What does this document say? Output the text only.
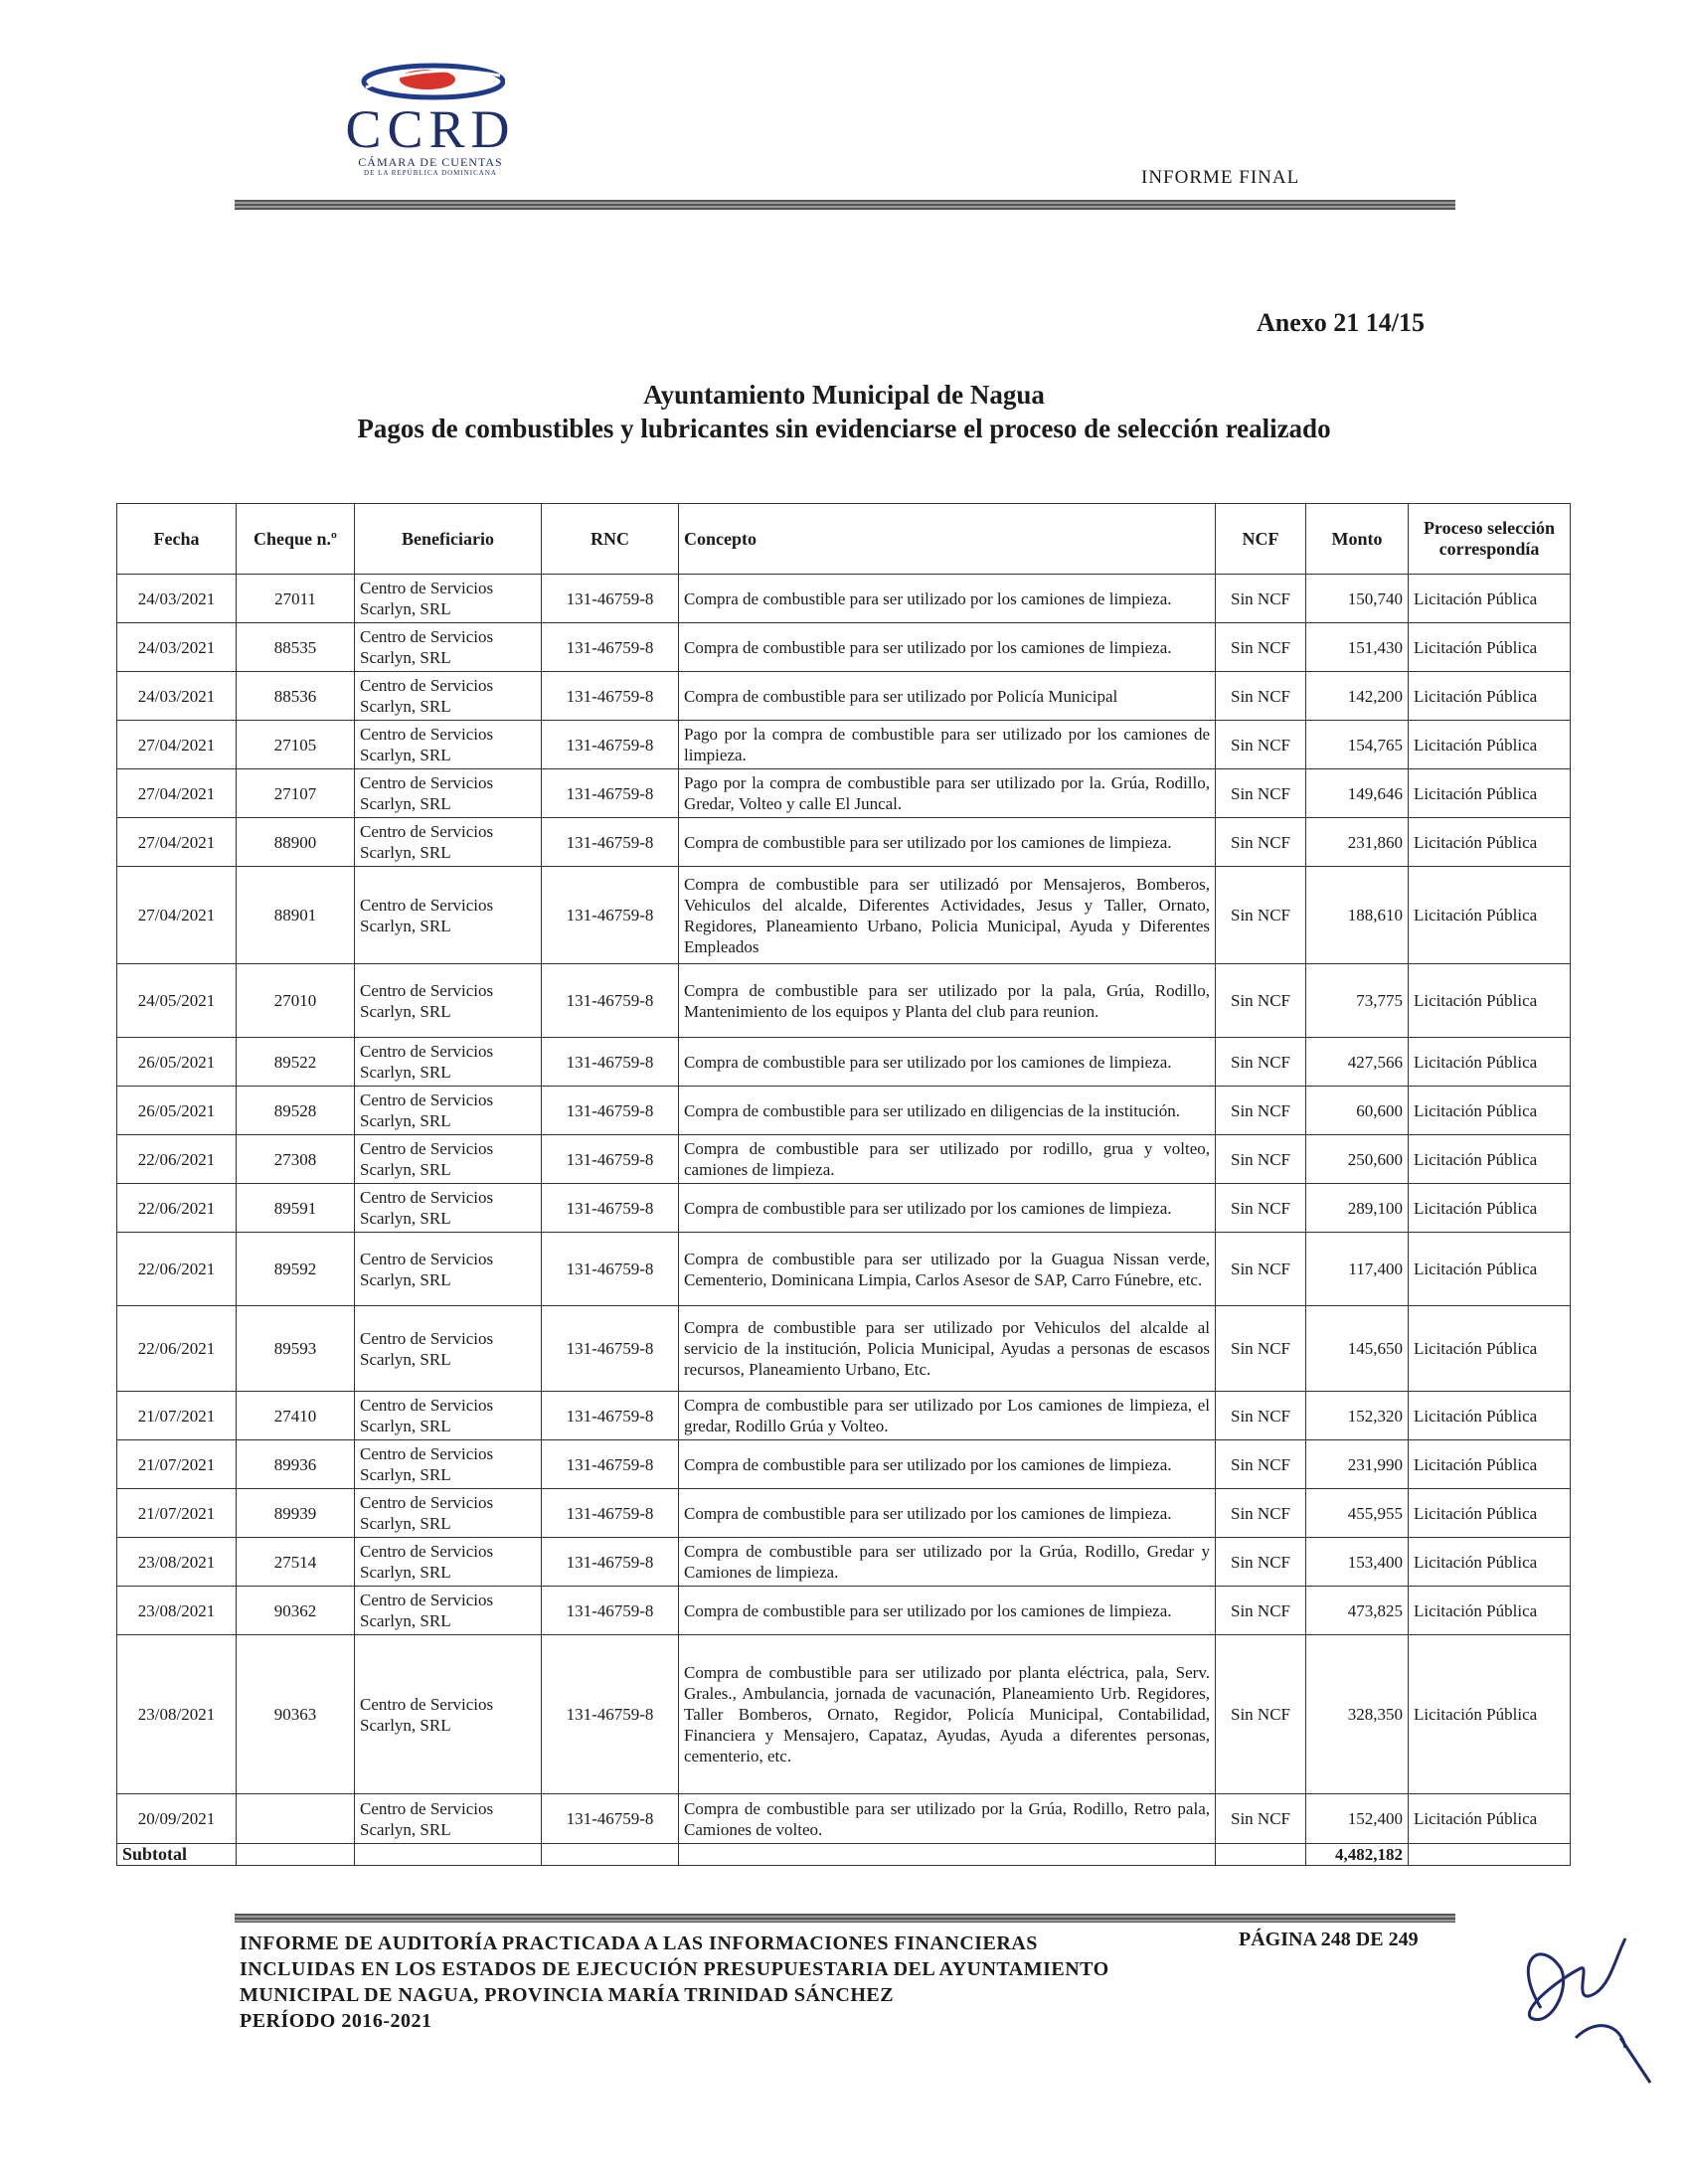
CCRD
CÁMARA DE CUENTAS
DE LA REPÚBLICA DOMINICANA	INFORME FINAL
Anexo 21 14/15
Ayuntamiento Municipal de Nagua
Pagos de combustibles y lubricantes sin evidenciarse el proceso de selección realizado
Fecha	Cheque n.º	Beneficiario	RNC	Concepto	NCF	Monto	Proceso selección correspondía
24/03/2021	27011	Centro de Servicios Scarlyn, SRL	131-46759-8	Compra de combustible para ser utilizado por los camiones de limpieza.	Sin NCF	150,740	Licitación Pública
24/03/2021	88535	Centro de Servicios Scarlyn, SRL	131-46759-8	Compra de combustible para ser utilizado por los camiones de limpieza.	Sin NCF	151,430	Licitación Pública
24/03/2021	88536	Centro de Servicios Scarlyn, SRL	131-46759-8	Compra de combustible para ser utilizado por Policía Municipal	Sin NCF	142,200	Licitación Pública
27/04/2021	27105	Centro de Servicios Scarlyn, SRL	131-46759-8	Pago por la compra de combustible para ser utilizado por los camiones de limpieza.	Sin NCF	154,765	Licitación Pública
27/04/2021	27107	Centro de Servicios Scarlyn, SRL	131-46759-8	Pago por la compra de combustible para ser utilizado por la. Grúa, Rodillo, Gredar, Volteo y calle El Juncal.	Sin NCF	149,646	Licitación Pública
27/04/2021	88900	Centro de Servicios Scarlyn, SRL	131-46759-8	Compra de combustible para ser utilizado por los camiones de limpieza.	Sin NCF	231,860	Licitación Pública
27/04/2021	88901	Centro de Servicios Scarlyn, SRL	131-46759-8	Compra de combustible para ser utilizadó por Mensajeros, Bomberos, Vehiculos del alcalde, Diferentes Actividades, Jesus y Taller, Ornato, Regidores, Planeamiento Urbano, Policia Municipal, Ayuda y Diferentes Empleados	Sin NCF	188,610	Licitación Pública
24/05/2021	27010	Centro de Servicios Scarlyn, SRL	131-46759-8	Compra de combustible para ser utilizado por la pala, Grúa, Rodillo, Mantenimiento de los equipos y Planta del club para reunion.	Sin NCF	73,775	Licitación Pública
26/05/2021	89522	Centro de Servicios Scarlyn, SRL	131-46759-8	Compra de combustible para ser utilizado por los camiones de limpieza.	Sin NCF	427,566	Licitación Pública
26/05/2021	89528	Centro de Servicios Scarlyn, SRL	131-46759-8	Compra de combustible para ser utilizado en diligencias de la institución.	Sin NCF	60,600	Licitación Pública
22/06/2021	27308	Centro de Servicios Scarlyn, SRL	131-46759-8	Compra de combustible para ser utilizado por rodillo, grua y volteo, camiones de limpieza.	Sin NCF	250,600	Licitación Pública
22/06/2021	89591	Centro de Servicios Scarlyn, SRL	131-46759-8	Compra de combustible para ser utilizado por los camiones de limpieza.	Sin NCF	289,100	Licitación Pública
22/06/2021	89592	Centro de Servicios Scarlyn, SRL	131-46759-8	Compra de combustible para ser utilizado por la Guagua Nissan verde, Cementerio, Dominicana Limpia, Carlos Asesor de SAP, Carro Fúnebre, etc.	Sin NCF	117,400	Licitación Pública
22/06/2021	89593	Centro de Servicios Scarlyn, SRL	131-46759-8	Compra de combustible para ser utilizado por Vehiculos del alcalde al servicio de la institución, Policia Municipal, Ayudas a personas de escasos recursos, Planeamiento Urbano, Etc.	Sin NCF	145,650	Licitación Pública
21/07/2021	27410	Centro de Servicios Scarlyn, SRL	131-46759-8	Compra de combustible para ser utilizado por Los camiones de limpieza, el gredar, Rodillo Grúa y Volteo.	Sin NCF	152,320	Licitación Pública
21/07/2021	89936	Centro de Servicios Scarlyn, SRL	131-46759-8	Compra de combustible para ser utilizado por los camiones de limpieza.	Sin NCF	231,990	Licitación Pública
21/07/2021	89939	Centro de Servicios Scarlyn, SRL	131-46759-8	Compra de combustible para ser utilizado por los camiones de limpieza.	Sin NCF	455,955	Licitación Pública
23/08/2021	27514	Centro de Servicios Scarlyn, SRL	131-46759-8	Compra de combustible para ser utilizado por la Grúa, Rodillo, Gredar y Camiones de limpieza.	Sin NCF	153,400	Licitación Pública
23/08/2021	90362	Centro de Servicios Scarlyn, SRL	131-46759-8	Compra de combustible para ser utilizado por los camiones de limpieza.	Sin NCF	473,825	Licitación Pública
23/08/2021	90363	Centro de Servicios Scarlyn, SRL	131-46759-8	Compra de combustible para ser utilizado por planta eléctrica, pala, Serv. Grales., Ambulancia, jornada de vacunación, Planeamiento Urb. Regidores, Taller Bomberos, Ornato, Regidor, Policía Municipal, Contabilidad, Financiera y Mensajero, Capataz, Ayudas, Ayuda a diferentes personas, cementerio, etc.	Sin NCF	328,350	Licitación Pública
20/09/2021		Centro de Servicios Scarlyn, SRL	131-46759-8	Compra de combustible para ser utilizado por la Grúa, Rodillo, Retro pala, Camiones de volteo.	Sin NCF	152,400	Licitación Pública
Subtotal						4,482,182	
INFORME DE AUDITORÍA PRACTICADA A LAS INFORMACIONES FINANCIERAS
INCLUIDAS EN LOS ESTADOS DE EJECUCIÓN PRESUPUESTARIA DEL AYUNTAMIENTO
MUNICIPAL DE NAGUA, PROVINCIA MARÍA TRINIDAD SÁNCHEZ
PERÍODO 2016-2021
PÁGINA 248 DE 249
